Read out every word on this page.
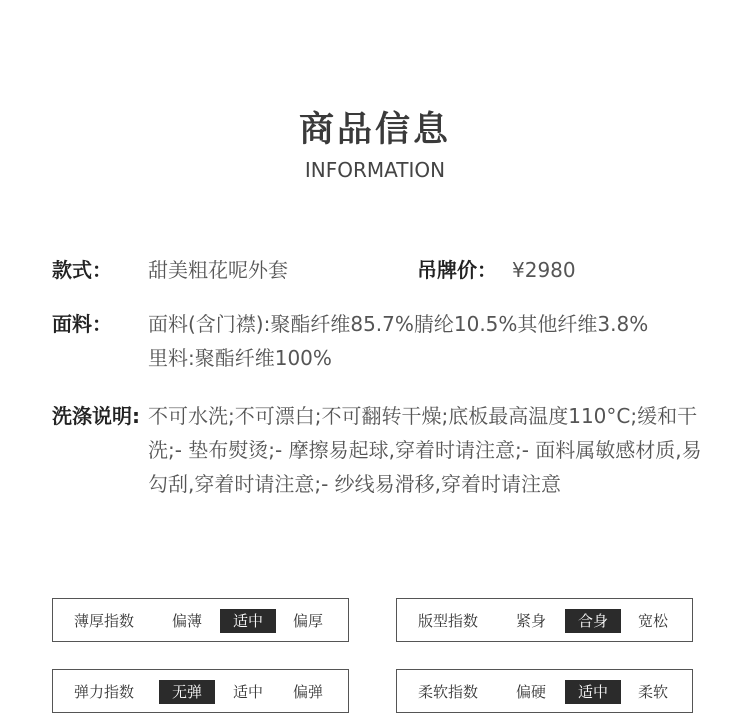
商品信息
INFORMATION
款式： 甜美粗花呢外套	吊牌价： ¥2980
面料： 面料(含门襟):聚酯纤维85.7%腈纶10.5%其他纤维3.8%
里料:聚酯纤维100%
洗涤说明: 不可水洗;不可漂白;不可翻转干燥;底板最高温度110°C;缓和干洗;- 垫布熨烫;- 摩擦易起球,穿着时请注意;- 面料属敏感材质,易勾刮,穿着时请注意;- 纱线易滑移,穿着时请注意
薄厚指数	偏薄	适中	偏厚	版型指数	紧身	合身	宽松
弹力指数	无弹	适中 偏弹	柔软指数	偏硬	适中	柔软
